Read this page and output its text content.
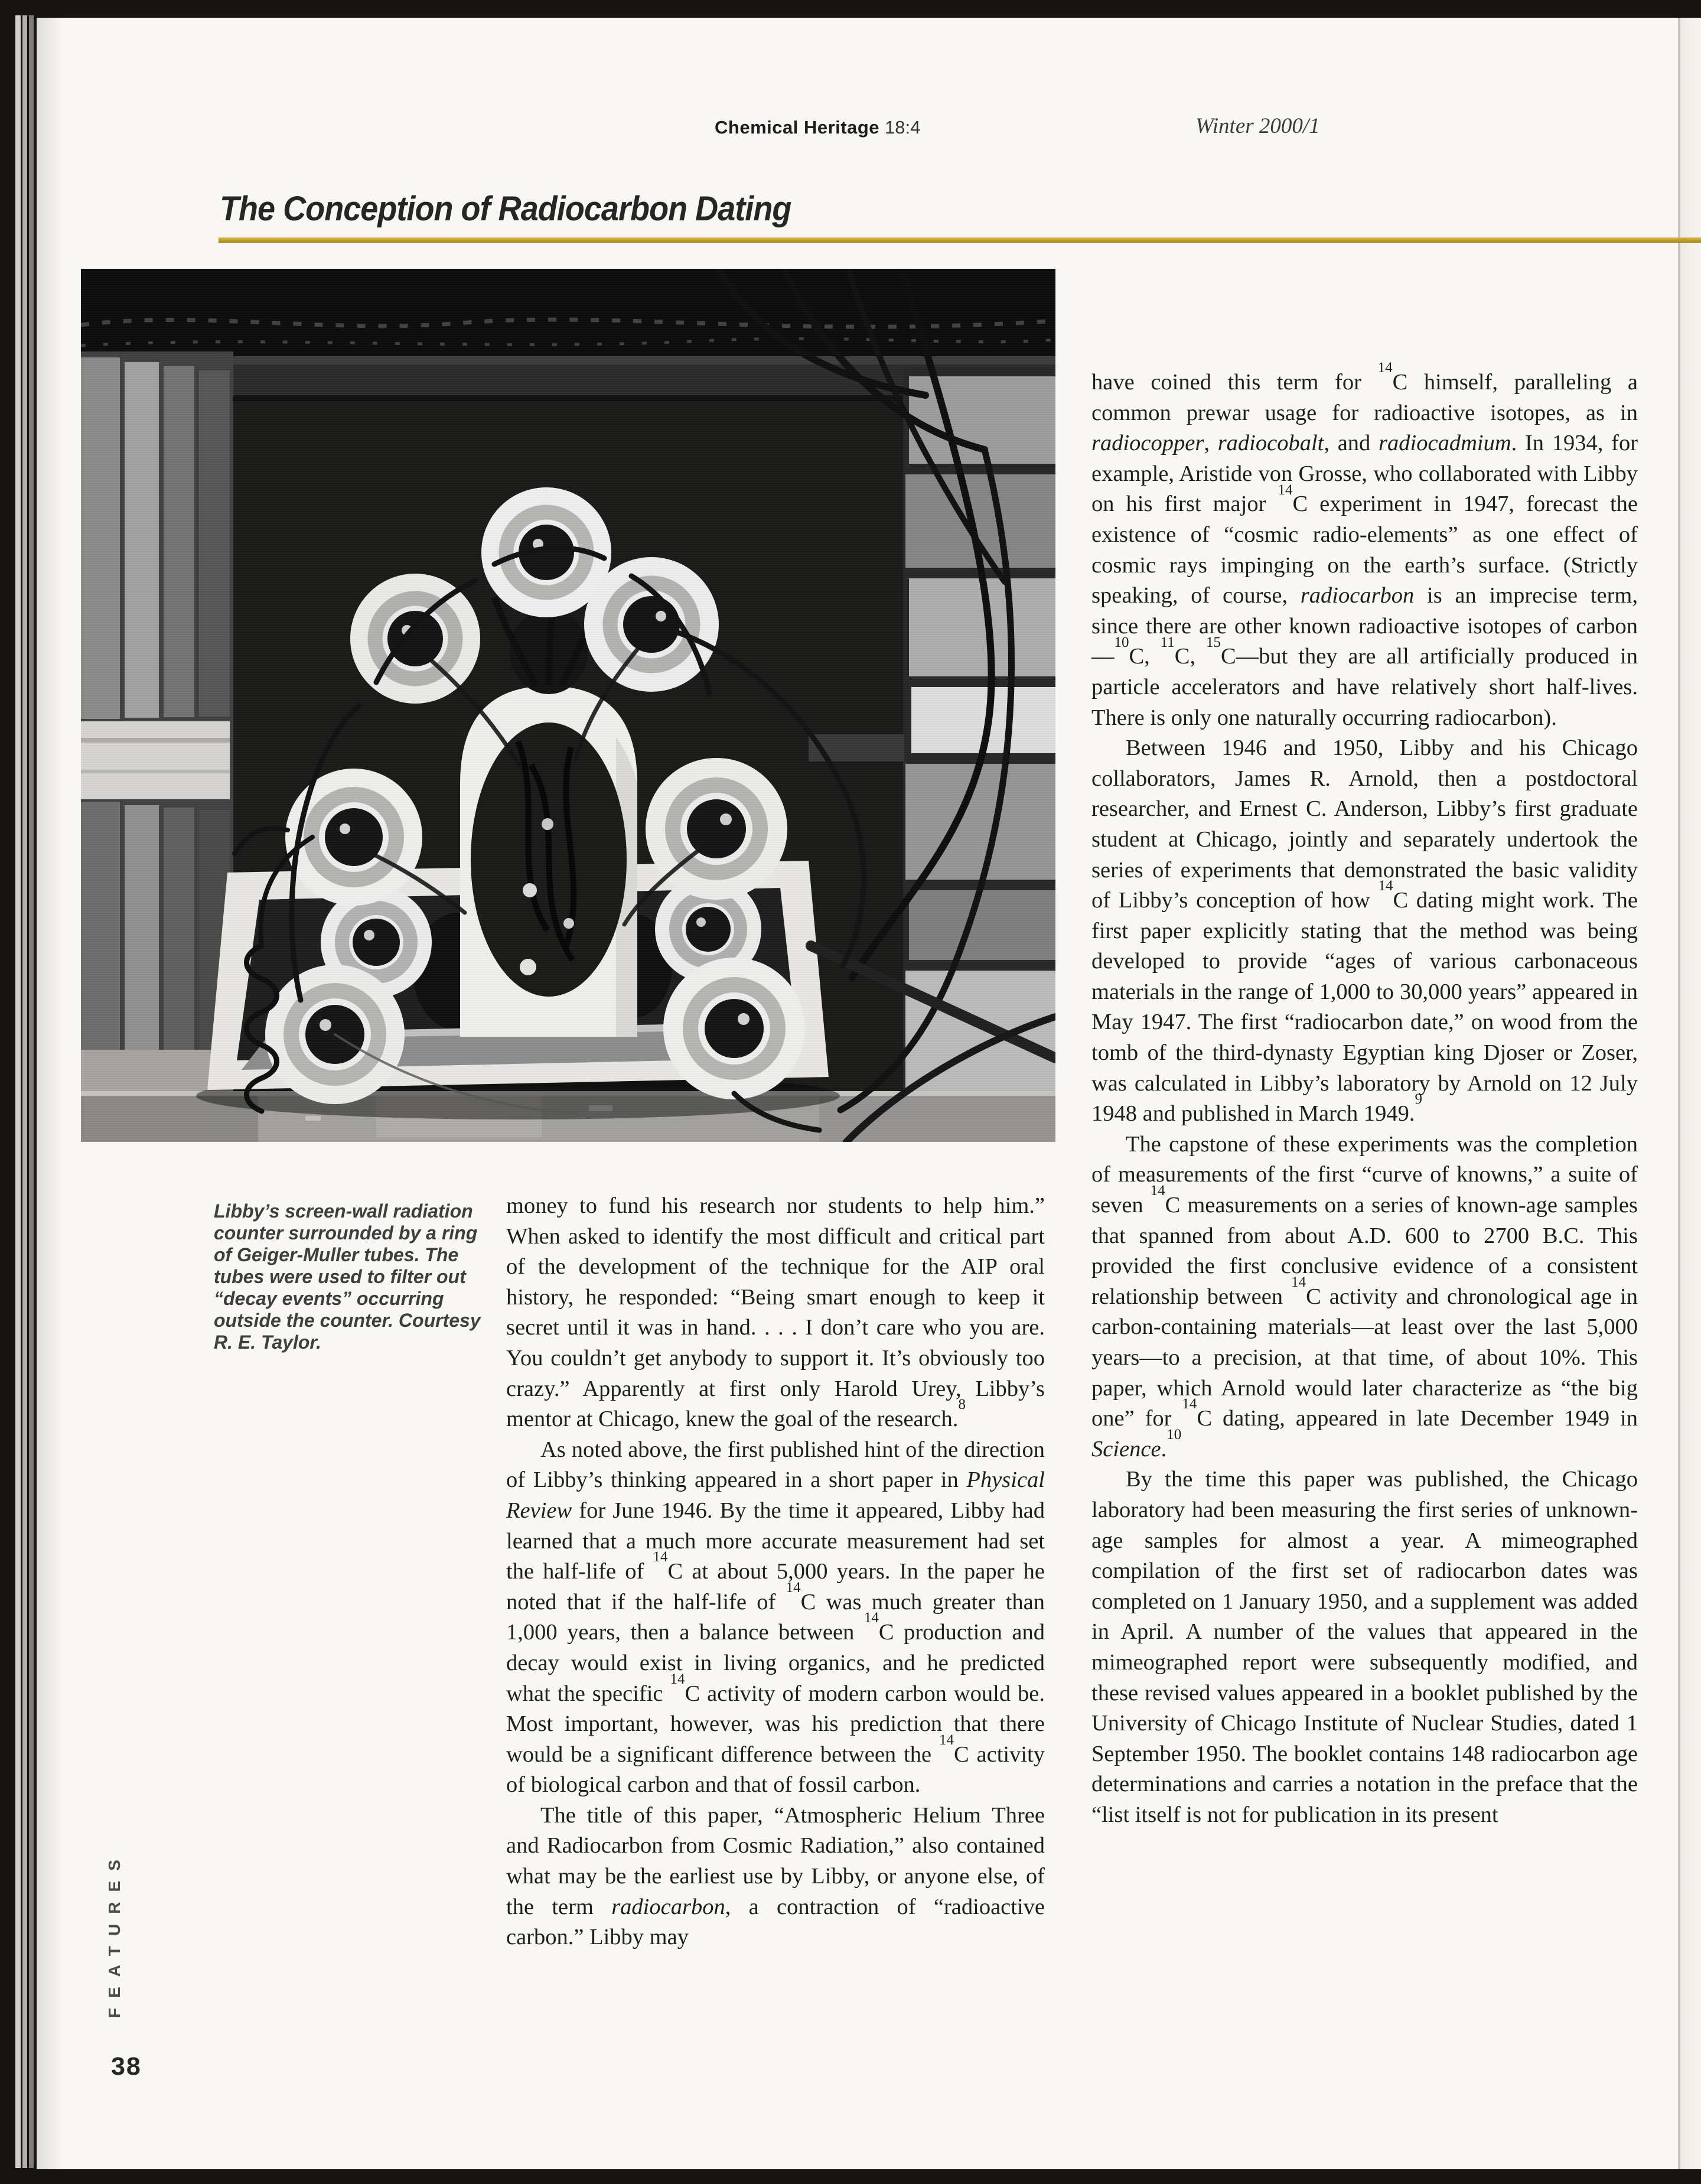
Chemical Heritage 18:4	Winter 2000/1
The Conception of Radiocarbon Dating
Libby’s screen-wall radiation counter surrounded by a ring of Geiger-Muller tubes. The tubes were used to filter out “decay events” occurring outside the counter. Courtesy R. E. Taylor.

money to fund his research nor students to help him.” When asked to identify the most difficult and critical part of the development of the technique for the AIP oral history, he responded: “Being smart enough to keep it secret until it was in hand. . . . I don’t care who you are. You couldn’t get anybody to support it. It’s obviously too crazy.” Apparently at first only Harold Urey, Libby’s mentor at Chicago, knew the goal of the research.$^8$

As noted above, the first published hint of the direction of Libby’s thinking appeared in a short paper in Physical Review for June 1946. By the time it appeared, Libby had learned that a much more accurate measurement had set the half-life of $^{14}$C at about 5,000 years. In the paper he noted that if the half-life of $^{14}$C was much greater than 1,000 years, then a balance between $^{14}$C production and decay would exist in living organics, and he predicted what the specific $^{14}$C activity of modern carbon would be. Most important, however, was his prediction that there would be a significant difference between the $^{14}$C activity of biological carbon and that of fossil carbon.

The title of this paper, “Atmospheric Helium Three and Radiocarbon from Cosmic Radiation,” also contained what may be the earliest use by Libby, or anyone else, of the term radiocarbon, a contraction of “radioactive carbon.” Libby may

have coined this term for $^{14}$C himself, paralleling a common prewar usage for radioactive isotopes, as in radiocopper, radiocobalt, and radiocadmium. In 1934, for example, Aristide von Grosse, who collaborated with Libby on his first major $^{14}$C experiment in 1947, forecast the existence of “cosmic radio-elements” as one effect of cosmic rays impinging on the earth’s surface. (Strictly speaking, of course, radiocarbon is an imprecise term, since there are other known radioactive isotopes of carbon—$^{10}$C, $^{11}$C, $^{15}$C—but they are all artificially produced in particle accelerators and have relatively short half-lives. There is only one naturally occurring radiocarbon).

Between 1946 and 1950, Libby and his Chicago collaborators, James R. Arnold, then a postdoctoral researcher, and Ernest C. Anderson, Libby’s first graduate student at Chicago, jointly and separately undertook the series of experiments that demonstrated the basic validity of Libby’s conception of how $^{14}$C dating might work. The first paper explicitly stating that the method was being developed to provide “ages of various carbonaceous materials in the range of 1,000 to 30,000 years” appeared in May 1947. The first “radiocarbon date,” on wood from the tomb of the third-dynasty Egyptian king Djoser or Zoser, was calculated in Libby’s laboratory by Arnold on 12 July 1948 and published in March 1949.$^9$

The capstone of these experiments was the completion of measurements of the first “curve of knowns,” a suite of seven $^{14}$C measurements on a series of known-age samples that spanned from about A.D. 600 to 2700 B.C. This provided the first conclusive evidence of a consistent relationship between $^{14}$C activity and chronological age in carbon-containing materials—at least over the last 5,000 years—to a precision, at that time, of about 10%. This paper, which Arnold would later characterize as “the big one” for $^{14}$C dating, appeared in late December 1949 in Science.$^{10}$

By the time this paper was published, the Chicago laboratory had been measuring the first series of unknown-age samples for almost a year. A mimeographed compilation of the first set of radiocarbon dates was completed on 1 January 1950, and a supplement was added in April. A number of the values that appeared in the mimeographed report were subsequently modified, and these revised values appeared in a booklet published by the University of Chicago Institute of Nuclear Studies, dated 1 September 1950. The booklet contains 148 radiocarbon age determinations and carries a notation in the preface that the “list itself is not for publication in its present

FEATURES
38
